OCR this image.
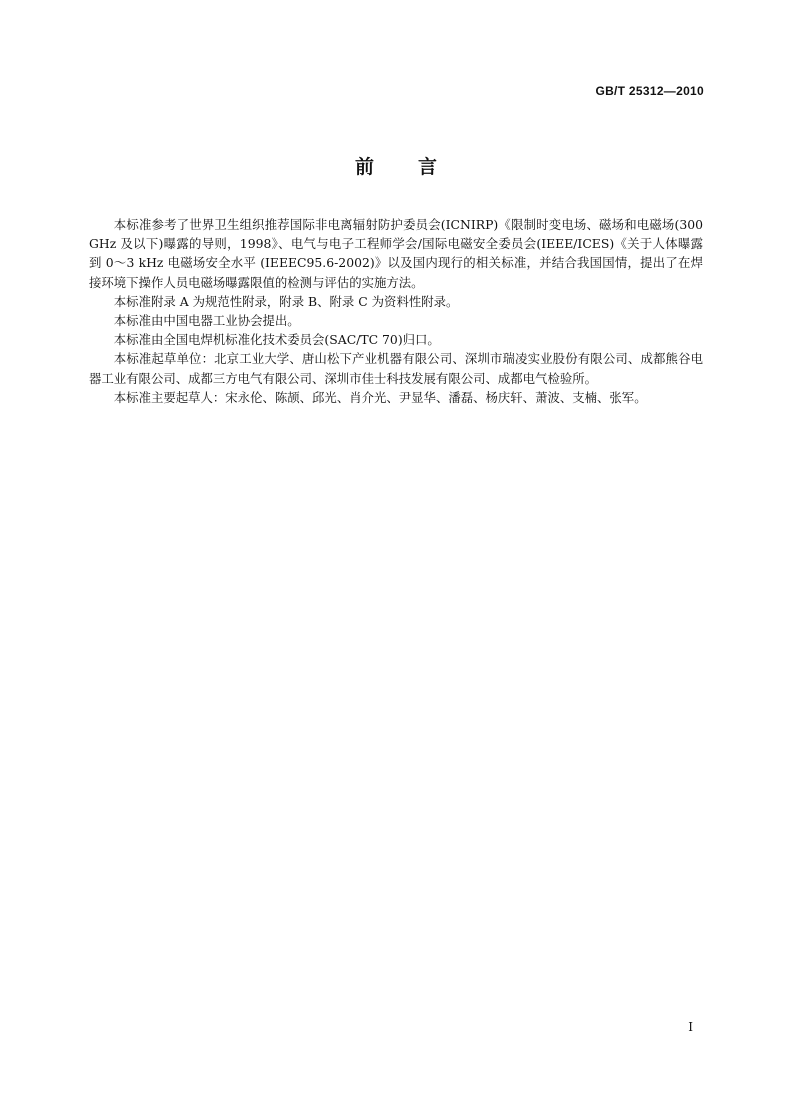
GB/T 25312—2010
前 言

本标准参考了世界卫生组织推荐国际非电离辐射防护委员会(ICNIRP)《限制时变电场、磁场和电磁场(300 GHz 及以下)曝露的导则，1998》、电气与电子工程师学会/国际电磁安全委员会(IEEE/ICES)《关于人体曝露到 0～3 kHz 电磁场安全水平 (IEEEC95.6-2002)》以及国内现行的相关标准，并结合我国国情，提出了在焊接环境下操作人员电磁场曝露限值的检测与评估的实施方法。

本标准附录 A 为规范性附录，附录 B、附录 C 为资料性附录。

本标准由中国电器工业协会提出。

本标准由全国电焊机标准化技术委员会(SAC/TC 70)归口。

本标准起草单位：北京工业大学、唐山松下产业机器有限公司、深圳市瑞凌实业股份有限公司、成都熊谷电器工业有限公司、成都三方电气有限公司、深圳市佳士科技发展有限公司、成都电气检验所。

本标准主要起草人：宋永伦、陈颉、邱光、肖介光、尹显华、潘磊、杨庆轩、萧波、支楠、张军。

I
